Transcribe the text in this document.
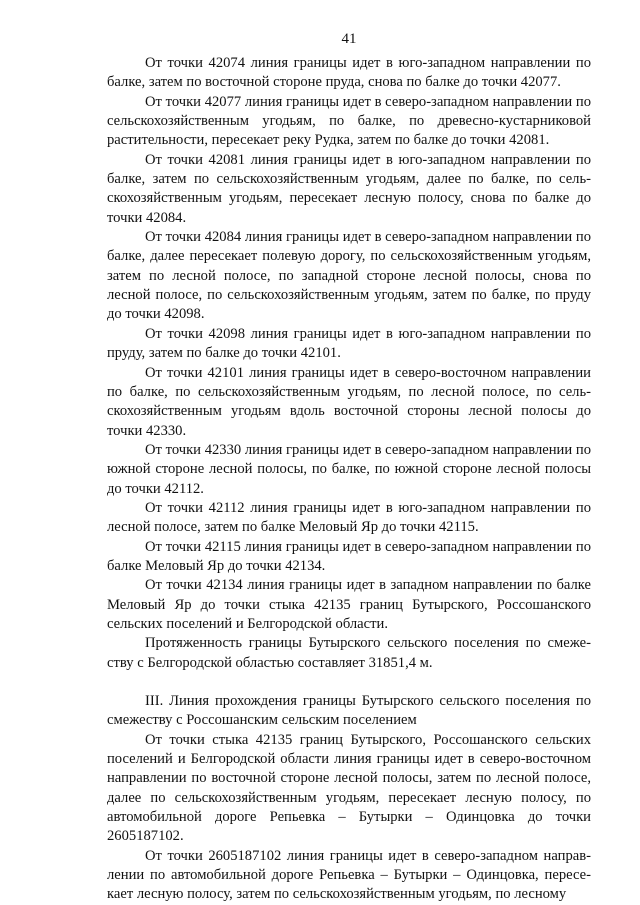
41

От точки 42074 линия границы идет в юго-западном направлении по балке, затем по восточной стороне пруда, снова по балке до точки 42077.

От точки 42077 линия границы идет в северо-западном направлении по сельскохозяйственным угодьям, по балке, по древесно-кустарниковой растительности, пересекает реку Рудка, затем по балке до точки 42081.

От точки 42081 линия границы идет в юго-западном направлении по балке, затем по сельскохозяйственным угодьям, далее по балке, по сельскохозяйственным угодьям, пересекает лесную полосу, снова по балке до точки 42084.

От точки 42084 линия границы идет в северо-западном направлении по балке, далее пересекает полевую дорогу, по сельскохозяйственным угодьям, затем по лесной полосе, по западной стороне лесной полосы, снова по лесной полосе, по сельскохозяйственным угодьям, затем по балке, по пруду до точки 42098.

От точки 42098 линия границы идет в юго-западном направлении по пруду, затем по балке до точки 42101.

От точки 42101 линия границы идет в северо-восточном направлении по балке, по сельскохозяйственным угодьям, по лесной полосе, по сельскохозяйственным угодьям вдоль восточной стороны лесной полосы до точки 42330.

От точки 42330 линия границы идет в северо-западном направлении по южной стороне лесной полосы, по балке, по южной стороне лесной полосы до точки 42112.

От точки 42112 линия границы идет в юго-западном направлении по лесной полосе, затем по балке Меловый Яр до точки 42115.

От точки 42115 линия границы идет в северо-западном направлении по балке Меловый Яр до точки 42134.

От точки 42134 линия границы идет в западном направлении по балке Меловый Яр до точки стыка 42135 границ Бутырского, Россошанского сельских поселений и Белгородской области.

Протяженность границы Бутырского сельского поселения по смежеству с Белгородской областью составляет 31851,4 м.

III. Линия прохождения границы Бутырского сельского поселения по смежеству с Россошанским сельским поселением

От точки стыка 42135 границ Бутырского, Россошанского сельских поселений и Белгородской области линия границы идет в северо-восточном направлении по восточной стороне лесной полосы, затем по лесной полосе, далее по сельскохозяйственным угодьям, пересекает лесную полосу, по автомобильной дороге Репьевка – Бутырки – Одинцовка до точки 2605187102.

От точки 2605187102 линия границы идет в северо-западном направлении по автомобильной дороге Репьевка – Бутырки – Одинцовка, пересекает лесную полосу, затем по сельскохозяйственным угодьям, по лесному
